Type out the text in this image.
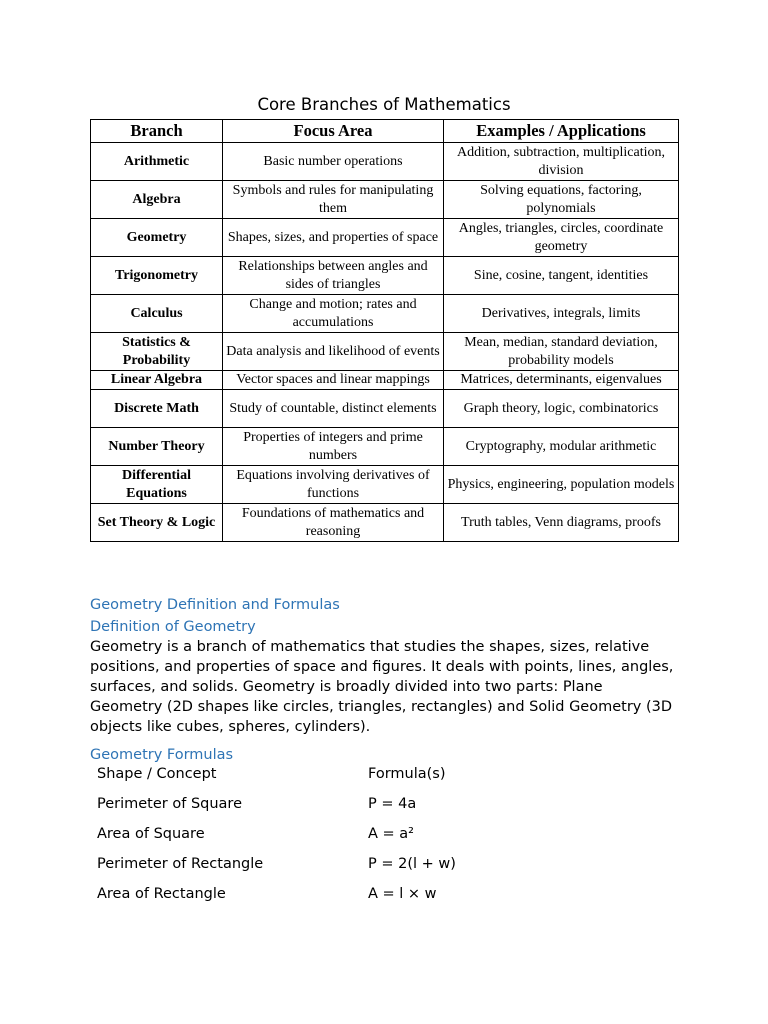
Core Branches of Mathematics
Branch	Focus Area	Examples / Applications
Arithmetic	Basic number operations	Addition, subtraction, multiplication, division
Algebra	Symbols and rules for manipulating them	Solving equations, factoring, polynomials
Geometry	Shapes, sizes, and properties of space	Angles, triangles, circles, coordinate geometry
Trigonometry	Relationships between angles and sides of triangles	Sine, cosine, tangent, identities
Calculus	Change and motion; rates and accumulations	Derivatives, integrals, limits
Statistics & Probability	Data analysis and likelihood of events	Mean, median, standard deviation, probability models
Linear Algebra	Vector spaces and linear mappings	Matrices, determinants, eigenvalues
Discrete Math	Study of countable, distinct elements	Graph theory, logic, combinatorics
Number Theory	Properties of integers and prime numbers	Cryptography, modular arithmetic
Differential Equations	Equations involving derivatives of functions	Physics, engineering, population models
Set Theory & Logic	Foundations of mathematics and reasoning	Truth tables, Venn diagrams, proofs
Geometry Definition and Formulas
Definition of Geometry
Geometry is a branch of mathematics that studies the shapes, sizes, relative positions, and properties of space and figures. It deals with points, lines, angles, surfaces, and solids. Geometry is broadly divided into two parts: Plane Geometry (2D shapes like circles, triangles, rectangles) and Solid Geometry (3D objects like cubes, spheres, cylinders).
Geometry Formulas
Shape / Concept	Formula(s)
Perimeter of Square	P = 4a
Area of Square	A = a²
Perimeter of Rectangle	P = 2(l + w)
Area of Rectangle	A = l × w
